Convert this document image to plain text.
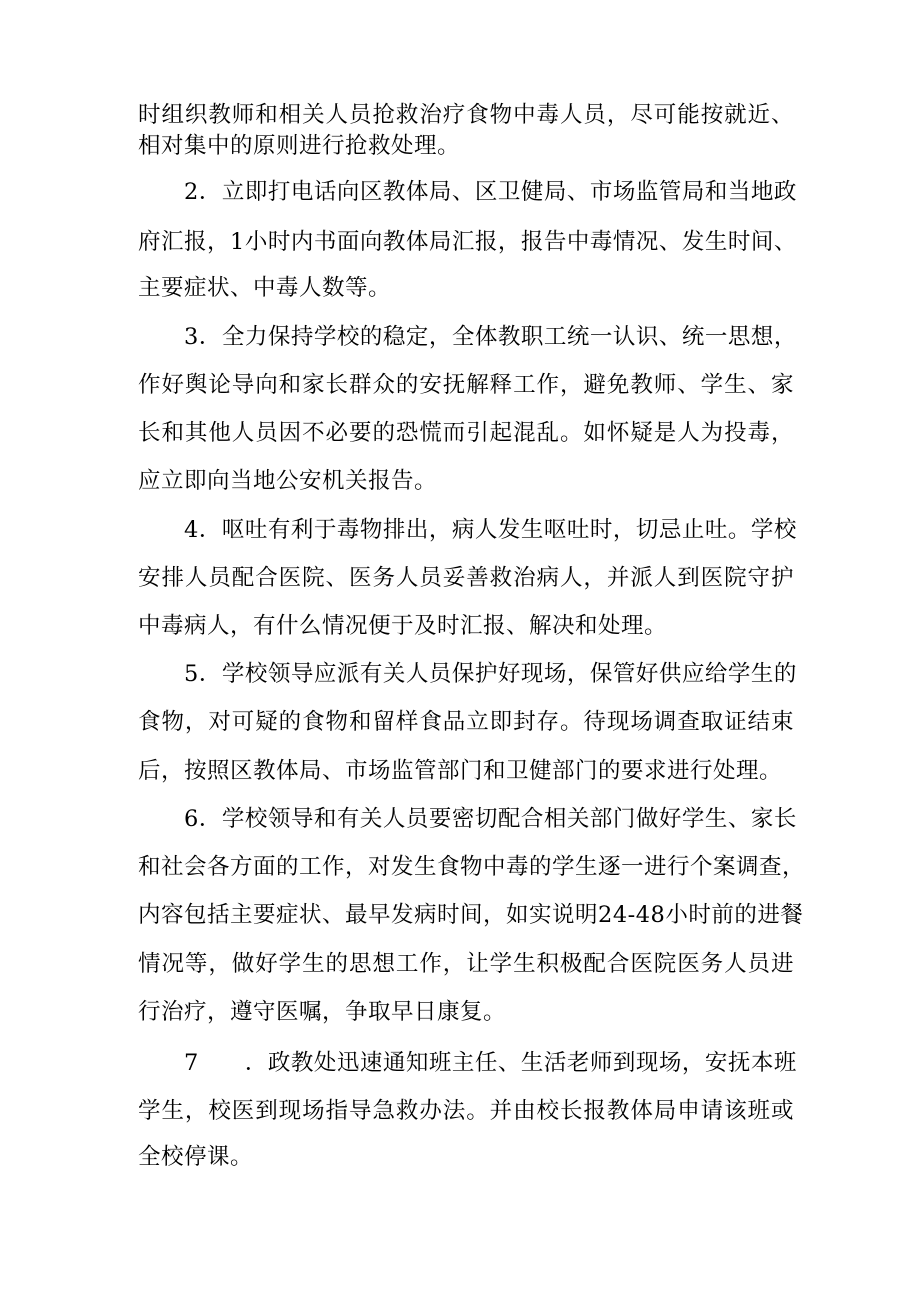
时组织教师和相关人员抢救治疗食物中毒人员，尽可能按就近、
相对集中的原则进行抢救处理。
2．立即打电话向区教体局、区卫健局、市场监管局和当地政
府汇报，1小时内书面向教体局汇报，报告中毒情况、发生时间、
主要症状、中毒人数等。
3．全力保持学校的稳定，全体教职工统一认识、统一思想，
作好舆论导向和家长群众的安抚解释工作，避免教师、学生、家
长和其他人员因不必要的恐慌而引起混乱。如怀疑是人为投毒，
应立即向当地公安机关报告。
4．呕吐有利于毒物排出，病人发生呕吐时，切忌止吐。学校
安排人员配合医院、医务人员妥善救治病人，并派人到医院守护
中毒病人，有什么情况便于及时汇报、解决和处理。
5．学校领导应派有关人员保护好现场，保管好供应给学生的
食物，对可疑的食物和留样食品立即封存。待现场调查取证结束
后，按照区教体局、市场监管部门和卫健部门的要求进行处理。
6．学校领导和有关人员要密切配合相关部门做好学生、家长
和社会各方面的工作，对发生食物中毒的学生逐一进行个案调查，
内容包括主要症状、最早发病时间，如实说明24-48小时前的进餐
情况等，做好学生的思想工作，让学生积极配合医院医务人员进
行治疗，遵守医嘱，争取早日康复。
7　　．政教处迅速通知班主任、生活老师到现场，安抚本班
学生，校医到现场指导急救办法。并由校长报教体局申请该班或
全校停课。
